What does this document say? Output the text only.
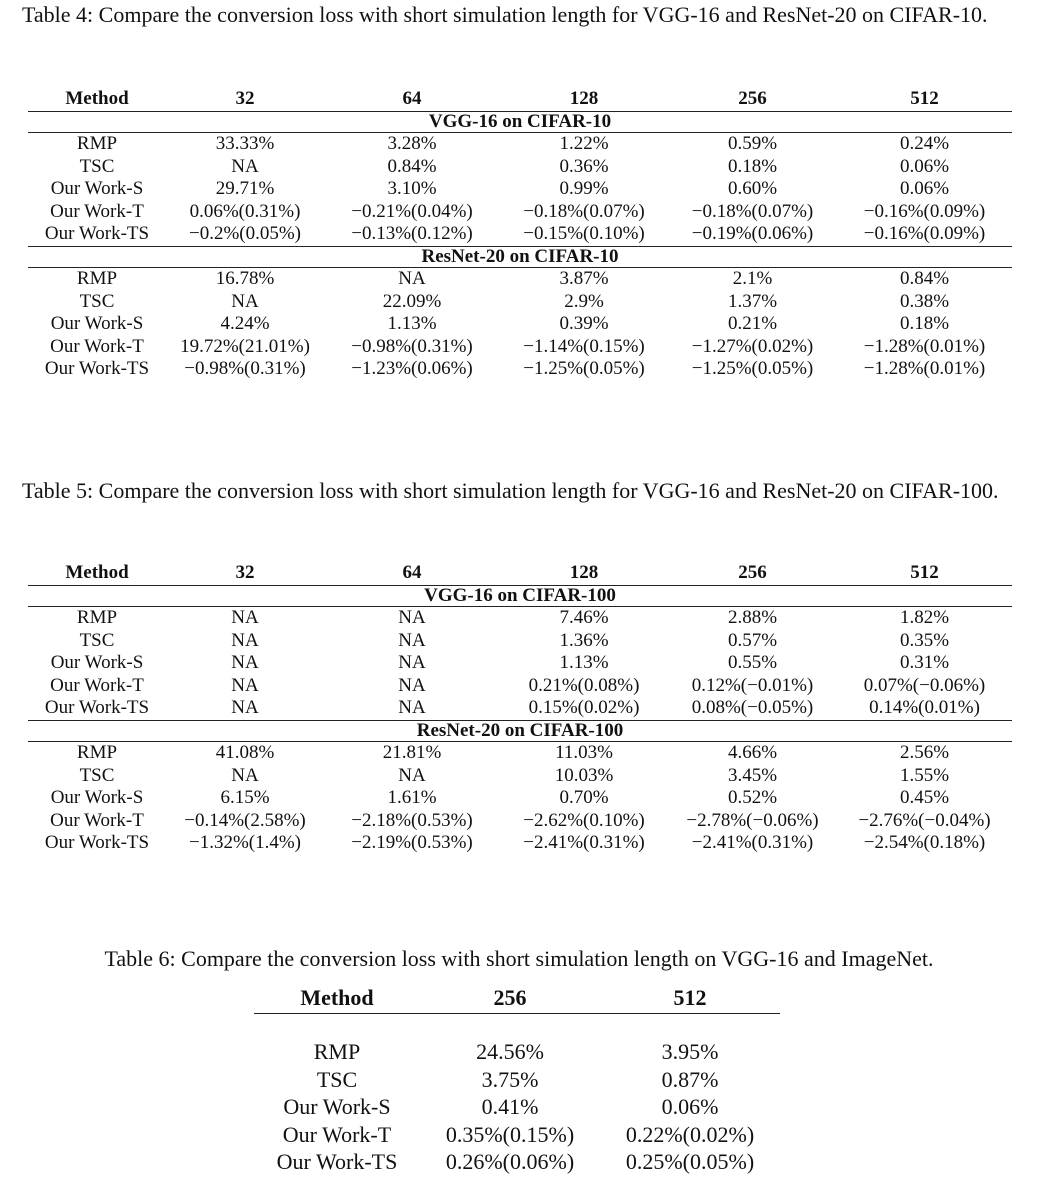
Table 4: Compare the conversion loss with short simulation length for VGG-16 and ResNet-20 on CIFAR-10.
Method	32	64	128	256	512
VGG-16 on CIFAR-10					
RMP	33.33%	3.28%	1.22%	0.59%	0.24%
TSC	NA	0.84%	0.36%	0.18%	0.06%
Our Work-S	29.71%	3.10%	0.99%	0.60%	0.06%
Our Work-T	0.06%(0.31%)	−0.21%(0.04%)	−0.18%(0.07%)	−0.18%(0.07%)	−0.16%(0.09%)
Our Work-TS	−0.2%(0.05%)	−0.13%(0.12%)	−0.15%(0.10%)	−0.19%(0.06%)	−0.16%(0.09%)
ResNet-20 on CIFAR-10					
RMP	16.78%	NA	3.87%	2.1%	0.84%
TSC	NA	22.09%	2.9%	1.37%	0.38%
Our Work-S	4.24%	1.13%	0.39%	0.21%	0.18%
Our Work-T	19.72%(21.01%)	−0.98%(0.31%)	−1.14%(0.15%)	−1.27%(0.02%)	−1.28%(0.01%)
Our Work-TS	−0.98%(0.31%)	−1.23%(0.06%)	−1.25%(0.05%)	−1.25%(0.05%)	−1.28%(0.01%)
Table 5: Compare the conversion loss with short simulation length for VGG-16 and ResNet-20 on CIFAR-100.
Method	32	64	128	256	512
VGG-16 on CIFAR-100					
RMP	NA	NA	7.46%	2.88%	1.82%
TSC	NA	NA	1.36%	0.57%	0.35%
Our Work-S	NA	NA	1.13%	0.55%	0.31%
Our Work-T	NA	NA	0.21%(0.08%)	0.12%(−0.01%)	0.07%(−0.06%)
Our Work-TS	NA	NA	0.15%(0.02%)	0.08%(−0.05%)	0.14%(0.01%)
ResNet-20 on CIFAR-100					
RMP	41.08%	21.81%	11.03%	4.66%	2.56%
TSC	NA	NA	10.03%	3.45%	1.55%
Our Work-S	6.15%	1.61%	0.70%	0.52%	0.45%
Our Work-T	−0.14%(2.58%)	−2.18%(0.53%)	−2.62%(0.10%)	−2.78%(−0.06%)	−2.76%(−0.04%)
Our Work-TS	−1.32%(1.4%)	−2.19%(0.53%)	−2.41%(0.31%)	−2.41%(0.31%)	−2.54%(0.18%)
Table 6: Compare the conversion loss with short simulation length on VGG-16 and ImageNet.
Method	256	512

RMP	24.56%	3.95%
TSC	3.75%	0.87%
Our Work-S	0.41%	0.06%
Our Work-T	0.35%(0.15%)	0.22%(0.02%)
Our Work-TS	0.26%(0.06%)	0.25%(0.05%)
